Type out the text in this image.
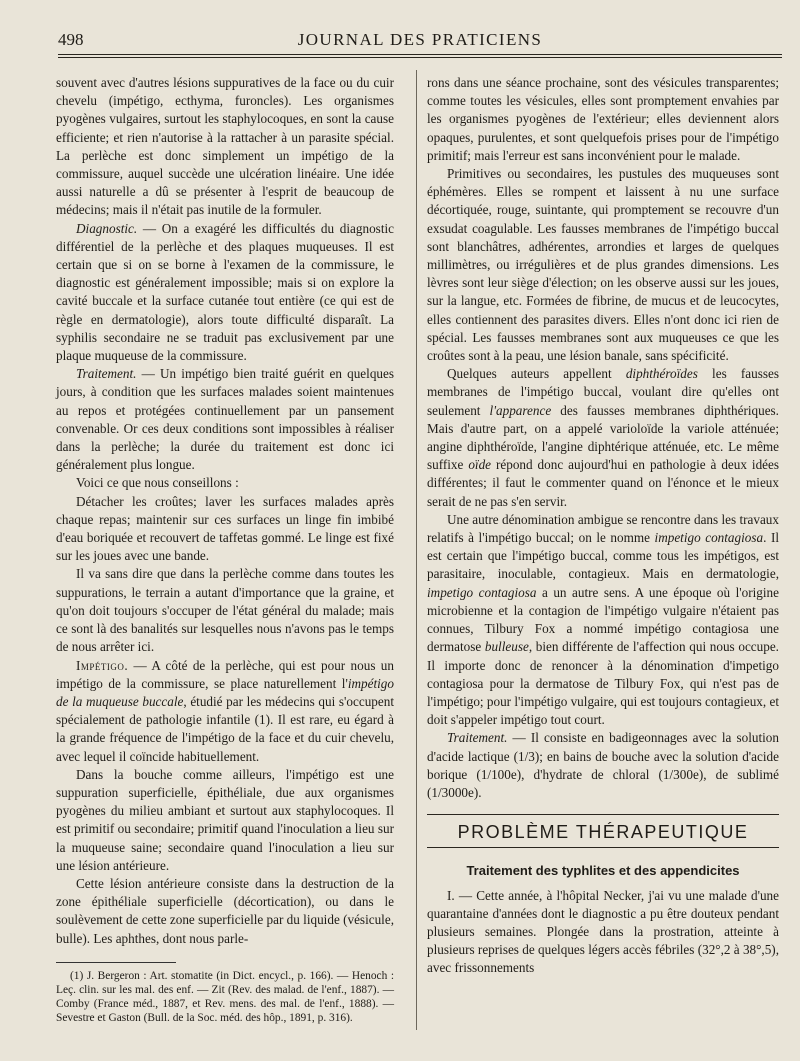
498	JOURNAL DES PRATICIENS

souvent avec d'autres lésions suppuratives de la face ou du cuir chevelu (impétigo, ecthyma, furoncles). Les organismes pyogènes vulgaires, surtout les staphylocoques, en sont la cause efficiente; et rien n'autorise à la rattacher à un parasite spécial. La perlèche est donc simplement un impétigo de la commissure, auquel succède une ulcération linéaire. Une idée aussi naturelle a dû se présenter à l'esprit de beaucoup de médecins; mais il n'était pas inutile de la formuler.

Diagnostic. — On a exagéré les difficultés du diagnostic différentiel de la perlèche et des plaques muqueuses. Il est certain que si on se borne à l'examen de la commissure, le diagnostic est généralement impossible; mais si on explore la cavité buccale et la surface cutanée tout entière (ce qui est de règle en dermatologie), alors toute difficulté disparaît. La syphilis secondaire ne se traduit pas exclusivement par une plaque muqueuse de la commissure.

Traitement. — Un impétigo bien traité guérit en quelques jours, à condition que les surfaces malades soient maintenues au repos et protégées continuellement par un pansement convenable. Or ces deux conditions sont impossibles à réaliser dans la perlèche; la durée du traitement est donc ici généralement plus longue.

Voici ce que nous conseillons :

Détacher les croûtes; laver les surfaces malades après chaque repas; maintenir sur ces surfaces un linge fin imbibé d'eau boriquée et recouvert de taffetas gommé. Le linge est fixé sur les joues avec une bande.

Il va sans dire que dans la perlèche comme dans toutes les suppurations, le terrain a autant d'importance que la graine, et qu'on doit toujours s'occuper de l'état général du malade; mais ce sont là des banalités sur lesquelles nous n'avons pas le temps de nous arrêter ici.

Impétigo. — A côté de la perlèche, qui est pour nous un impétigo de la commissure, se place naturellement l'impétigo de la muqueuse buccale, étudié par les médecins qui s'occupent spécialement de pathologie infantile (1). Il est rare, eu égard à la grande fréquence de l'impétigo de la face et du cuir chevelu, avec lequel il coïncide habituellement.

Dans la bouche comme ailleurs, l'impétigo est une suppuration superficielle, épithéliale, due aux organismes pyogènes du milieu ambiant et surtout aux staphylocoques. Il est primitif ou secondaire; primitif quand l'inoculation a lieu sur la muqueuse saine; secondaire quand l'inoculation a lieu sur une lésion antérieure.

Cette lésion antérieure consiste dans la destruction de la zone épithéliale superficielle (décortication), ou dans le soulèvement de cette zone superficielle par du liquide (vésicule, bulle). Les aphthes, dont nous parle-

(1) J. Bergeron : Art. stomatite (in Dict. encycl., p. 166). — Henoch : Leç. clin. sur les mal. des enf. — Zit (Rev. des malad. de l'enf., 1887). — Comby (France méd., 1887, et Rev. mens. des mal. de l'enf., 1888). — Sevestre et Gaston (Bull. de la Soc. méd. des hôp., 1891, p. 316).

rons dans une séance prochaine, sont des vésicules transparentes; comme toutes les vésicules, elles sont promptement envahies par les organismes pyogènes de l'extérieur; elles deviennent alors opaques, purulentes, et sont quelquefois prises pour de l'impétigo primitif; mais l'erreur est sans inconvénient pour le malade.

Primitives ou secondaires, les pustules des muqueuses sont éphémères. Elles se rompent et laissent à nu une surface décortiquée, rouge, suintante, qui promptement se recouvre d'un exsudat coagulable. Les fausses membranes de l'impétigo buccal sont blanchâtres, adhérentes, arrondies et larges de quelques millimètres, ou irrégulières et de plus grandes dimensions. Les lèvres sont leur siège d'élection; on les observe aussi sur les joues, sur la langue, etc. Formées de fibrine, de mucus et de leucocytes, elles contiennent des parasites divers. Elles n'ont donc ici rien de spécial. Les fausses membranes sont aux muqueuses ce que les croûtes sont à la peau, une lésion banale, sans spécificité.

Quelques auteurs appellent diphthéroïdes les fausses membranes de l'impétigo buccal, voulant dire qu'elles ont seulement l'apparence des fausses membranes diphthériques. Mais d'autre part, on a appelé varioloïde la variole atténuée; angine diphthéroïde, l'angine diphtérique atténuée, etc. Le même suffixe oïde répond donc aujourd'hui en pathologie à deux idées différentes; il faut le commenter quand on l'énonce et le mieux serait de ne pas s'en servir.

Une autre dénomination ambigue se rencontre dans les travaux relatifs à l'impétigo buccal; on le nomme impetigo contagiosa. Il est certain que l'impétigo buccal, comme tous les impétigos, est parasitaire, inoculable, contagieux. Mais en dermatologie, impetigo contagiosa a un autre sens. A une époque où l'origine microbienne et la contagion de l'impétigo vulgaire n'étaient pas connues, Tilbury Fox a nommé impétigo contagiosa une dermatose bulleuse, bien différente de l'affection qui nous occupe. Il importe donc de renoncer à la dénomination d'impetigo contagiosa pour la dermatose de Tilbury Fox, qui n'est pas de l'impétigo; pour l'impétigo vulgaire, qui est toujours contagieux, et doit s'appeler impétigo tout court.

Traitement. — Il consiste en badigeonnages avec la solution d'acide lactique (1/3); en bains de bouche avec la solution d'acide borique (1/100e), d'hydrate de chloral (1/300e), de sublimé (1/3000e).

PROBLÈME THÉRAPEUTIQUE
Traitement des typhlites et des appendicites

I. — Cette année, à l'hôpital Necker, j'ai vu une malade d'une quarantaine d'années dont le diagnostic a pu être douteux pendant plusieurs semaines. Plongée dans la prostration, atteinte à plusieurs reprises de quelques légers accès fébriles (32°,2 à 38°,5), avec frissonnements
